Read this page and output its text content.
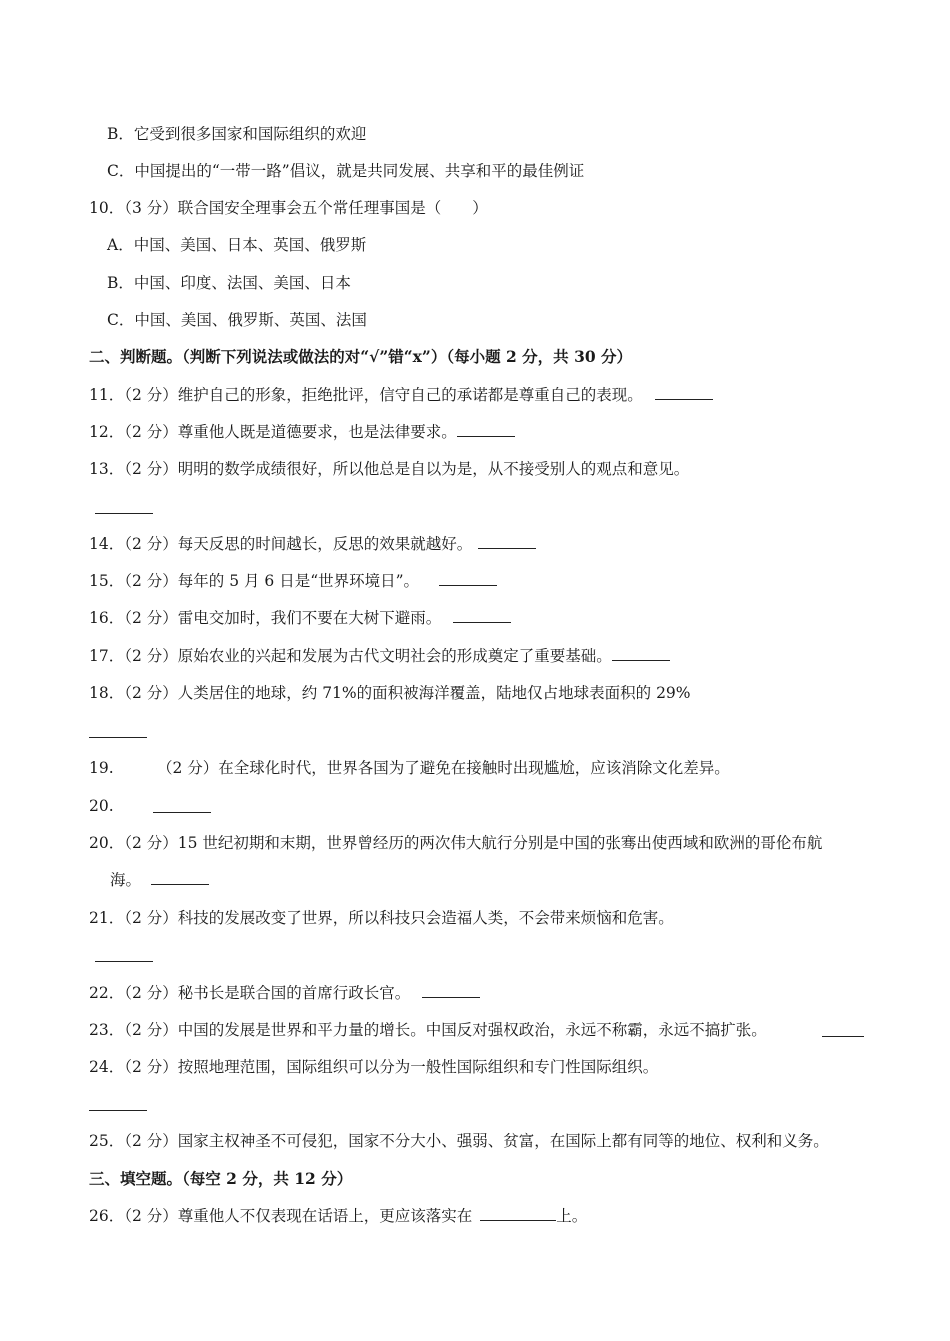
B．它受到很多国家和国际组织的欢迎
C．中国提出的“一带一路”倡议，就是共同发展、共享和平的最佳例证
10．（3 分）联合国安全理事会五个常任理事国是（　　）
A．中国、美国、日本、英国、俄罗斯
B．中国、印度、法国、美国、日本
C．中国、美国、俄罗斯、英国、法国
二、判断题。（判断下列说法或做法的对“√”错“x”）（每小题 2 分，共 30 分）
11．（2 分）维护自己的形象，拒绝批评，信守自己的承诺都是尊重自己的表现。
12．（2 分）尊重他人既是道德要求，也是法律要求。
13．（2 分）明明的数学成绩很好，所以他总是自以为是，从不接受别人的观点和意见。
14．（2 分）每天反思的时间越长，反思的效果就越好。
15．（2 分）每年的 5 月 6 日是“世界环境日”。
16．（2 分）雷电交加时，我们不要在大树下避雨。
17．（2 分）原始农业的兴起和发展为古代文明社会的形成奠定了重要基础。
18．（2 分）人类居住的地球，约 71%的面积被海洋覆盖，陆地仅占地球表面积的 29%
19.	（2 分）在全球化时代，世界各国为了避免在接触时出现尴尬，应该消除文化差异。
20.
20．（2 分）15 世纪初期和末期，世界曾经历的两次伟大航行分别是中国的张骞出使西域和欧洲的哥伦布航
海。
21．（2 分）科技的发展改变了世界，所以科技只会造福人类，不会带来烦恼和危害。
22．（2 分）秘书长是联合国的首席行政长官。
23．（2 分）中国的发展是世界和平力量的增长。中国反对强权政治，永远不称霸，永远不搞扩张。
24．（2 分）按照地理范围，国际组织可以分为一般性国际组织和专门性国际组织。
25．（2 分）国家主权神圣不可侵犯，国家不分大小、强弱、贫富，在国际上都有同等的地位、权利和义务。
三、填空题。（每空 2 分，共 12 分）
26．（2 分）尊重他人不仅表现在话语上，更应该落实在	上。
